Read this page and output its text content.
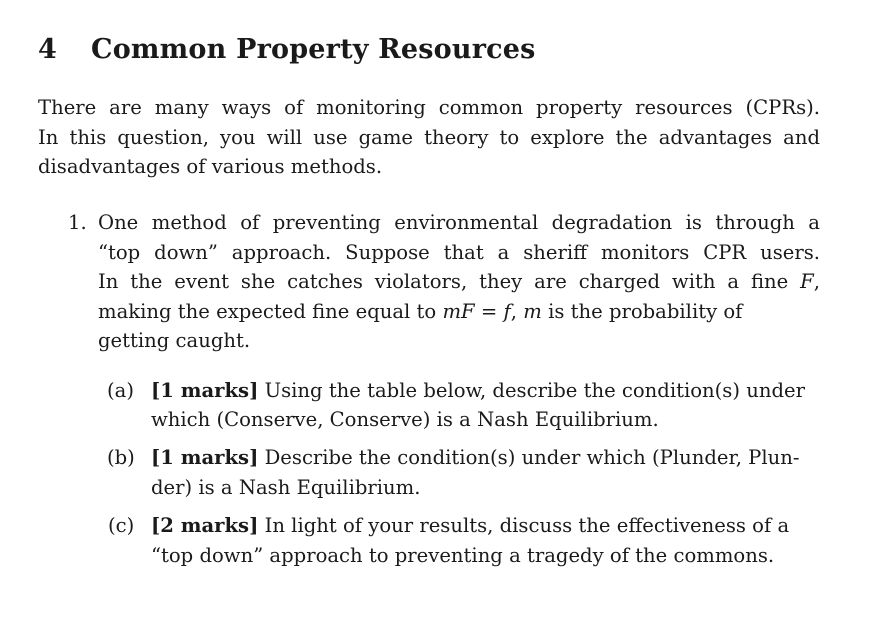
4 Common Property Resources
There are many ways of monitoring common property resources (CPRs).
In this question, you will use game theory to explore the advantages and
disadvantages of various methods.
1. One method of preventing environmental degradation is through a
“top down” approach. Suppose that a sheriff monitors CPR users.
In the event she catches violators, they are charged with a fine F,
making the expected fine equal to mF = f, m is the probability of
getting caught.
(a) [1 marks] Using the table below, describe the condition(s) under
which (Conserve, Conserve) is a Nash Equilibrium.
(b) [1 marks] Describe the condition(s) under which (Plunder, Plun-
der) is a Nash Equilibrium.
(c) [2 marks] In light of your results, discuss the effectiveness of a
“top down” approach to preventing a tragedy of the commons.
